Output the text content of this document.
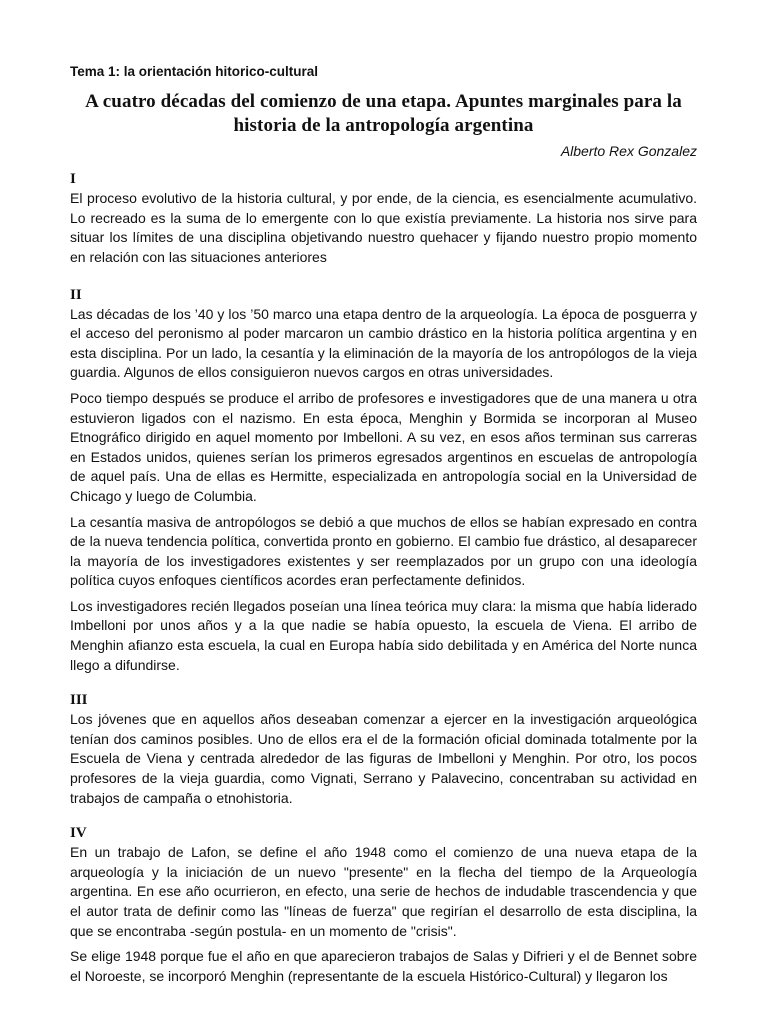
Tema 1: la orientación hitorico-cultural

A cuatro décadas del comienzo de una etapa. Apuntes marginales para la historia de la antropología argentina

Alberto Rex Gonzalez

I

El proceso evolutivo de la historia cultural, y por ende, de la ciencia, es esencialmente acumulativo. Lo recreado es la suma de lo emergente con lo que existía previamente. La historia nos sirve para situar los límites de una disciplina objetivando nuestro quehacer y fijando nuestro propio momento en relación con las situaciones anteriores

II

Las décadas de los ’40 y los ’50 marco una etapa dentro de la arqueología. La época de posguerra y el acceso del peronismo al poder marcaron un cambio drástico en la historia política argentina y en esta disciplina. Por un lado, la cesantía y la eliminación de la mayoría de los antropólogos de la vieja guardia. Algunos de ellos consiguieron nuevos cargos en otras universidades.

Poco tiempo después se produce el arribo de profesores e investigadores que de una manera u otra estuvieron ligados con el nazismo. En esta época, Menghin y Bormida se incorporan al Museo Etnográfico dirigido en aquel momento por Imbelloni. A su vez, en esos años terminan sus carreras en Estados unidos, quienes serían los primeros egresados argentinos en escuelas de antropología de aquel país. Una de ellas es Hermitte, especializada en antropología social en la Universidad de Chicago y luego de Columbia.

La cesantía masiva de antropólogos se debió a que muchos de ellos se habían expresado en contra de la nueva tendencia política, convertida pronto en gobierno. El cambio fue drástico, al desaparecer la mayoría de los investigadores existentes y ser reemplazados por un grupo con una ideología política cuyos enfoques científicos acordes eran perfectamente definidos.

Los investigadores recién llegados poseían una línea teórica muy clara: la misma que había liderado Imbelloni por unos años y a la que nadie se había opuesto, la escuela de Viena. El arribo de Menghin afianzo esta escuela, la cual en Europa había sido debilitada y en América del Norte nunca llego a difundirse.

III

Los jóvenes que en aquellos años deseaban comenzar a ejercer en la investigación arqueológica tenían dos caminos posibles. Uno de ellos era el de la formación oficial dominada totalmente por la Escuela de Viena y centrada alrededor de las figuras de Imbelloni y Menghin. Por otro, los pocos profesores de la vieja guardia, como Vignati, Serrano y Palavecino, concentraban su actividad en trabajos de campaña o etnohistoria.

IV

En un trabajo de Lafon, se define el año 1948 como el comienzo de una nueva etapa de la arqueología y la iniciación de un nuevo "presente" en la flecha del tiempo de la Arqueología argentina. En ese año ocurrieron, en efecto, una serie de hechos de indudable trascendencia y que el autor trata de definir como las "líneas de fuerza" que regirían el desarrollo de esta disciplina, la que se encontraba -según postula- en un momento de "crisis".

Se elige 1948 porque fue el año en que aparecieron trabajos de Salas y Difrieri y el de Bennet sobre el Noroeste, se incorporó Menghin (representante de la escuela Histórico-Cultural) y llegaron los
